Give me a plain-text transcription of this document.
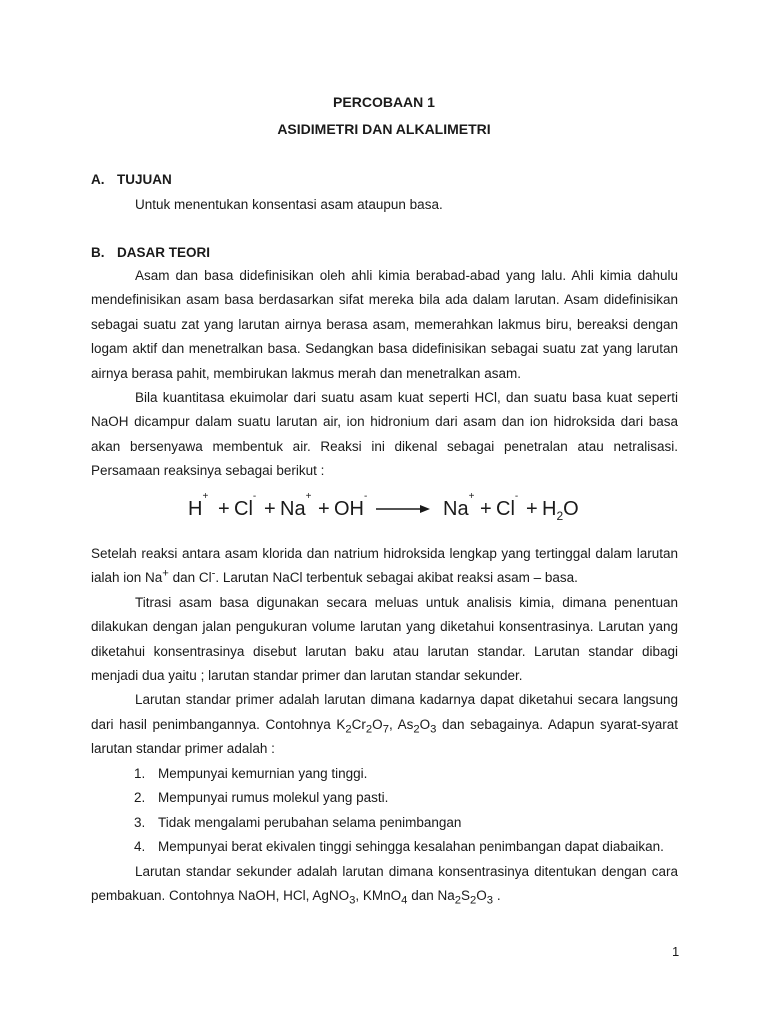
PERCOBAAN 1
ASIDIMETRI DAN ALKALIMETRI
A. TUJUAN
Untuk menentukan konsentasi asam ataupun basa.
B. DASAR TEORI

Asam dan basa didefinisikan oleh ahli kimia berabad-abad yang lalu. Ahli kimia dahulu mendefinisikan asam basa berdasarkan sifat mereka bila ada dalam larutan. Asam didefinisikan sebagai suatu zat yang larutan airnya berasa asam, memerahkan lakmus biru, bereaksi dengan logam aktif dan menetralkan basa. Sedangkan basa didefinisikan sebagai suatu zat yang larutan airnya berasa pahit, membirukan lakmus merah dan menetralkan asam.

Bila kuantitasa ekuimolar dari suatu asam kuat seperti HCl, dan suatu basa kuat seperti NaOH dicampur dalam suatu larutan air, ion hidronium dari asam dan ion hidroksida dari basa akan bersenyawa membentuk air. Reaksi ini dikenal sebagai penetralan atau netralisasi. Persamaan reaksinya sebagai berikut :

H+
+ Cl-
+ Na+
+ OH-
→ Na+
+ Cl-
+ $H_2O$

Setelah reaksi antara asam klorida dan natrium hidroksida lengkap yang tertinggal dalam larutan ialah ion Na+ dan Cl-. Larutan NaCl terbentuk sebagai akibat reaksi asam – basa.

Titrasi asam basa digunakan secara meluas untuk analisis kimia, dimana penentuan dilakukan dengan jalan pengukuran volume larutan yang diketahui konsentrasinya. Larutan yang diketahui konsentrasinya disebut larutan baku atau larutan standar. Larutan standar dibagi menjadi dua yaitu ; larutan standar primer dan larutan standar sekunder.

Larutan standar primer adalah larutan dimana kadarnya dapat diketahui secara langsung dari hasil penimbangannya. Contohnya $K_2Cr_2O_7$, $As_2O_3$ dan sebagainya. Adapun syarat-syarat larutan standar primer adalah :

1. Mempunyai kemurnian yang tinggi.
2. Mempunyai rumus molekul yang pasti.
3. Tidak mengalami perubahan selama penimbangan
4. Mempunyai berat ekivalen tinggi sehingga kesalahan penimbangan dapat diabaikan.

Larutan standar sekunder adalah larutan dimana konsentrasinya ditentukan dengan cara pembakuan. Contohnya NaOH, HCl, AgNO$_3$, KMnO$_4$ dan $Na_2S_2O_3$ .

1
